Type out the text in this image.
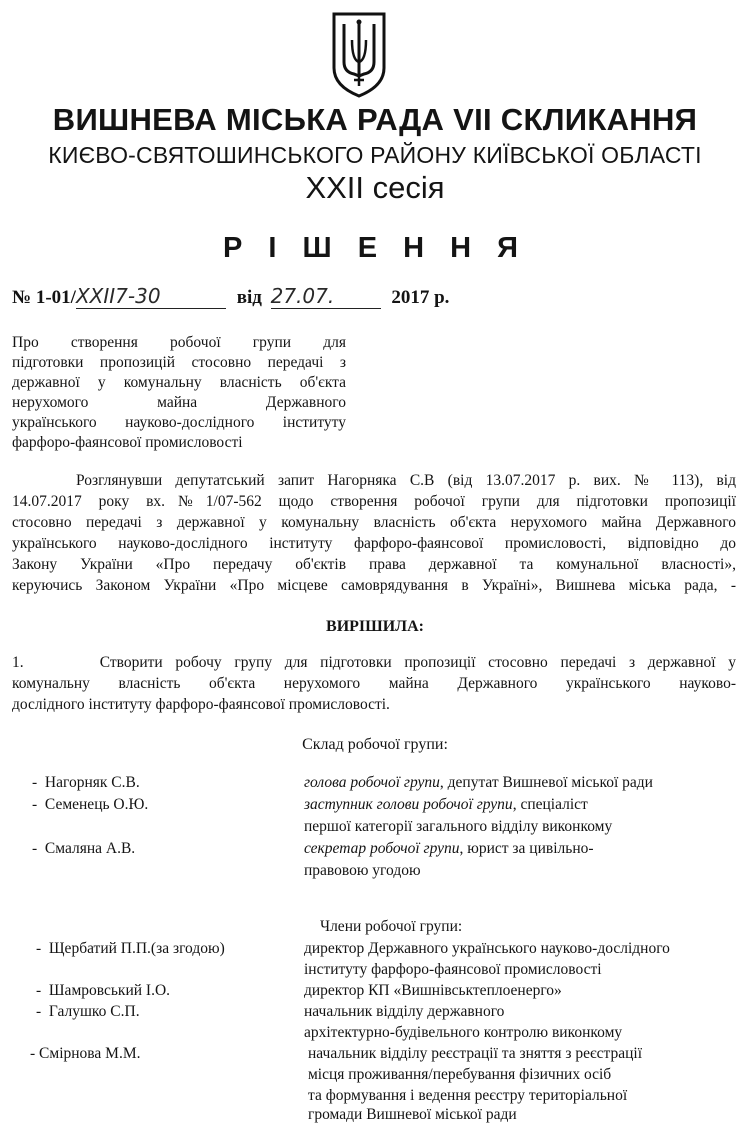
ВИШНЕВА МІСЬКА РАДА VII СКЛИКАННЯ
КИЄВО-СВЯТОШИНСЬКОГО РАЙОНУ КИЇВСЬКОЇ ОБЛАСТІ
XXII сесія
Р І Ш Е Н Н Я
№ 1-01/XXII7-30	від 27.07.	2017 р.
Про створення робочої групи для
підготовки пропозицій стосовно передачі з
державної у комунальну власність об'єкта
нерухомого майна Державного
українського науково-дослідного інституту
фарфоро-фаянсової промисловості
Розглянувши депутатський запит Нагорняка С.В (від 13.07.2017 р. вих. № 113), від
14.07.2017 року вх.№1/07-562 щодо створення робочої групи для підготовки пропозиції
стосовно передачі з державної у комунальну власність об'єкта нерухомого майна Державного
українського науково-дослідного інституту фарфоро-фаянсової промисловості, відповідно до
Закону України «Про передачу об'єктів права державної та комунальної власності»,
керуючись Законом України «Про місцеве самоврядування в Україні», Вишнева міська рада, -
ВИРІШИЛА:
1.      Створити робочу групу для підготовки пропозиції стосовно передачі з державної у
комунальну власність об'єкта нерухомого майна Державного українського науково-
дослідного інституту фарфоро-фаянсової промисловості.
Склад робочої групи:
-  Нагорняк С.В.	голова робочої групи, депутат Вишневої міської ради
-  Семенець О.Ю.	заступник голови робочої групи, спеціаліст
першої категорії загального відділу виконкому
-  Смаляна А.В.	секретар робочої групи, юрист за цивільно-
правовою угодою
Члени робочої групи:
-  Щербатий П.П.(за згодою)	директор Державного українського науково-дослідного
інституту фарфоро-фаянсової промисловості
-  Шамровський І.О.	директор КП «Вишнівськтеплоенерго»
-  Галушко С.П.	начальник відділу державного
архітектурно-будівельного контролю виконкому
- Смірнова М.М.	начальник відділу реєстрації та зняття з реєстрації
місця проживання/перебування фізичних осіб
та формування і ведення реєстру територіальної
громади Вишневої міської ради
